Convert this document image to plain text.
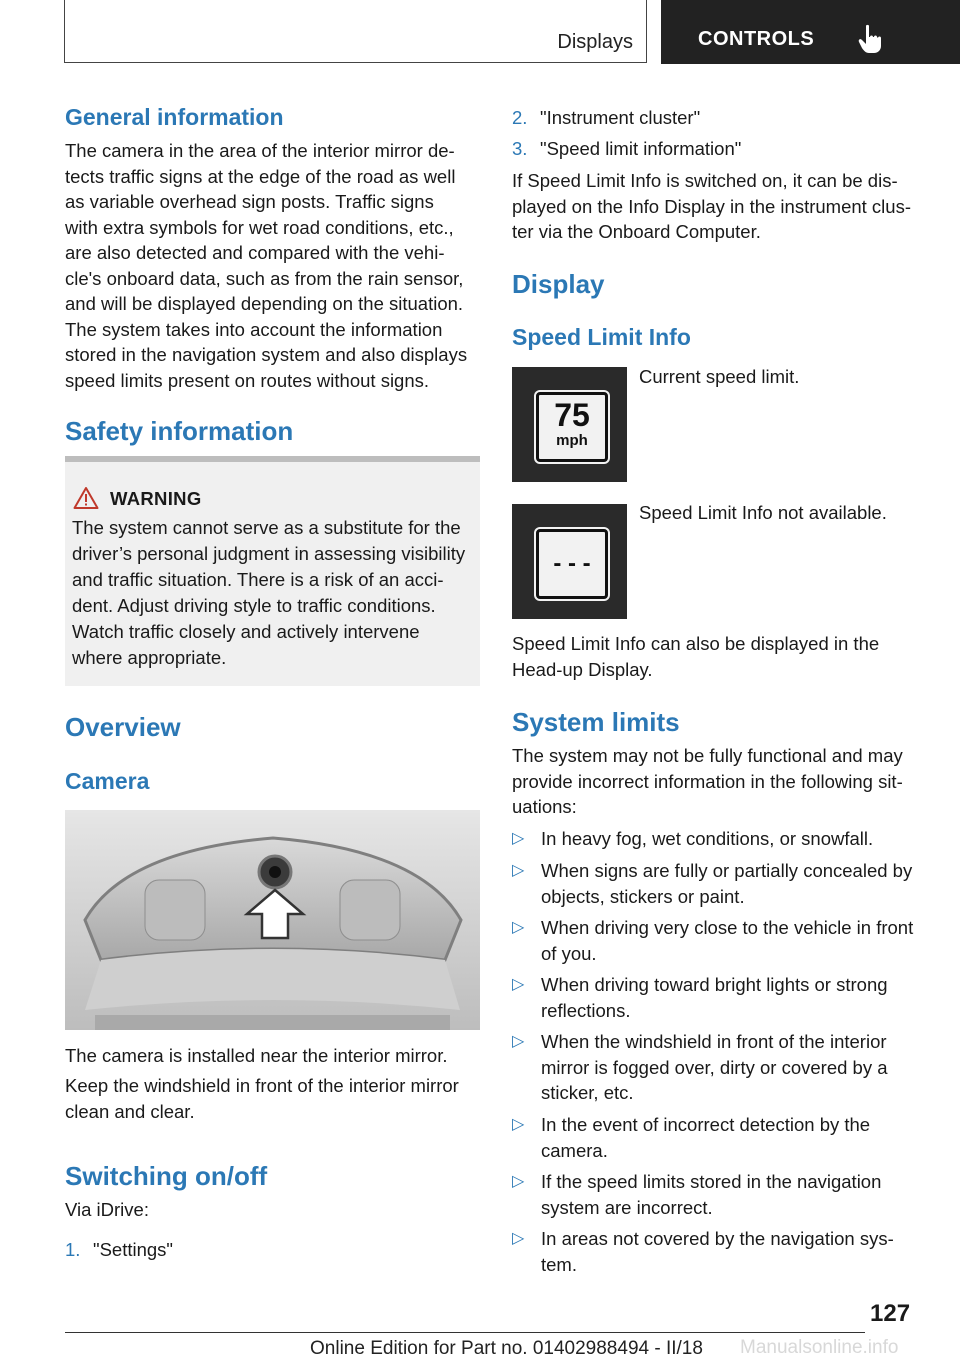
Displays	CONTROLS
General information
The camera in the area of the interior mirror de‐
tects traffic signs at the edge of the road as well
as variable overhead sign posts. Traffic signs
with extra symbols for wet road conditions, etc.,
are also detected and compared with the vehi‐
cle's onboard data, such as from the rain sensor,
and will be displayed depending on the situation.
The system takes into account the information
stored in the navigation system and also displays
speed limits present on routes without signs.
Safety information
WARNING
The system cannot serve as a substitute for the
driver’s personal judgment in assessing visibility
and traffic situation. There is a risk of an acci‐
dent. Adjust driving style to traffic conditions.
Watch traffic closely and actively intervene
where appropriate.
Overview
Camera
The camera is installed near the interior mirror.
Keep the windshield in front of the interior mirror
clean and clear.
Switching on/off
Via iDrive:
1. "Settings"
2. "Instrument cluster"
3. "Speed limit information"
If Speed Limit Info is switched on, it can be dis‐
played on the Info Display in the instrument clus‐
ter via the Onboard Computer.
Display
Speed Limit Info
75
mph
Current speed limit.
- - -
Speed Limit Info not available.
Speed Limit Info can also be displayed in the
Head-up Display.
System limits
The system may not be fully functional and may
provide incorrect information in the following sit‐
uations:
▷ In heavy fog, wet conditions, or snowfall.
▷ When signs are fully or partially concealed by
objects, stickers or paint.
▷ When driving very close to the vehicle in front
of you.
▷ When driving toward bright lights or strong
reflections.
▷ When the windshield in front of the interior
mirror is fogged over, dirty or covered by a
sticker, etc.
▷ In the event of incorrect detection by the
camera.
▷ If the speed limits stored in the navigation
system are incorrect.
▷ In areas not covered by the navigation sys‐
tem.
127
Online Edition for Part no. 01402988494 - II/18 Manualsonline.info
